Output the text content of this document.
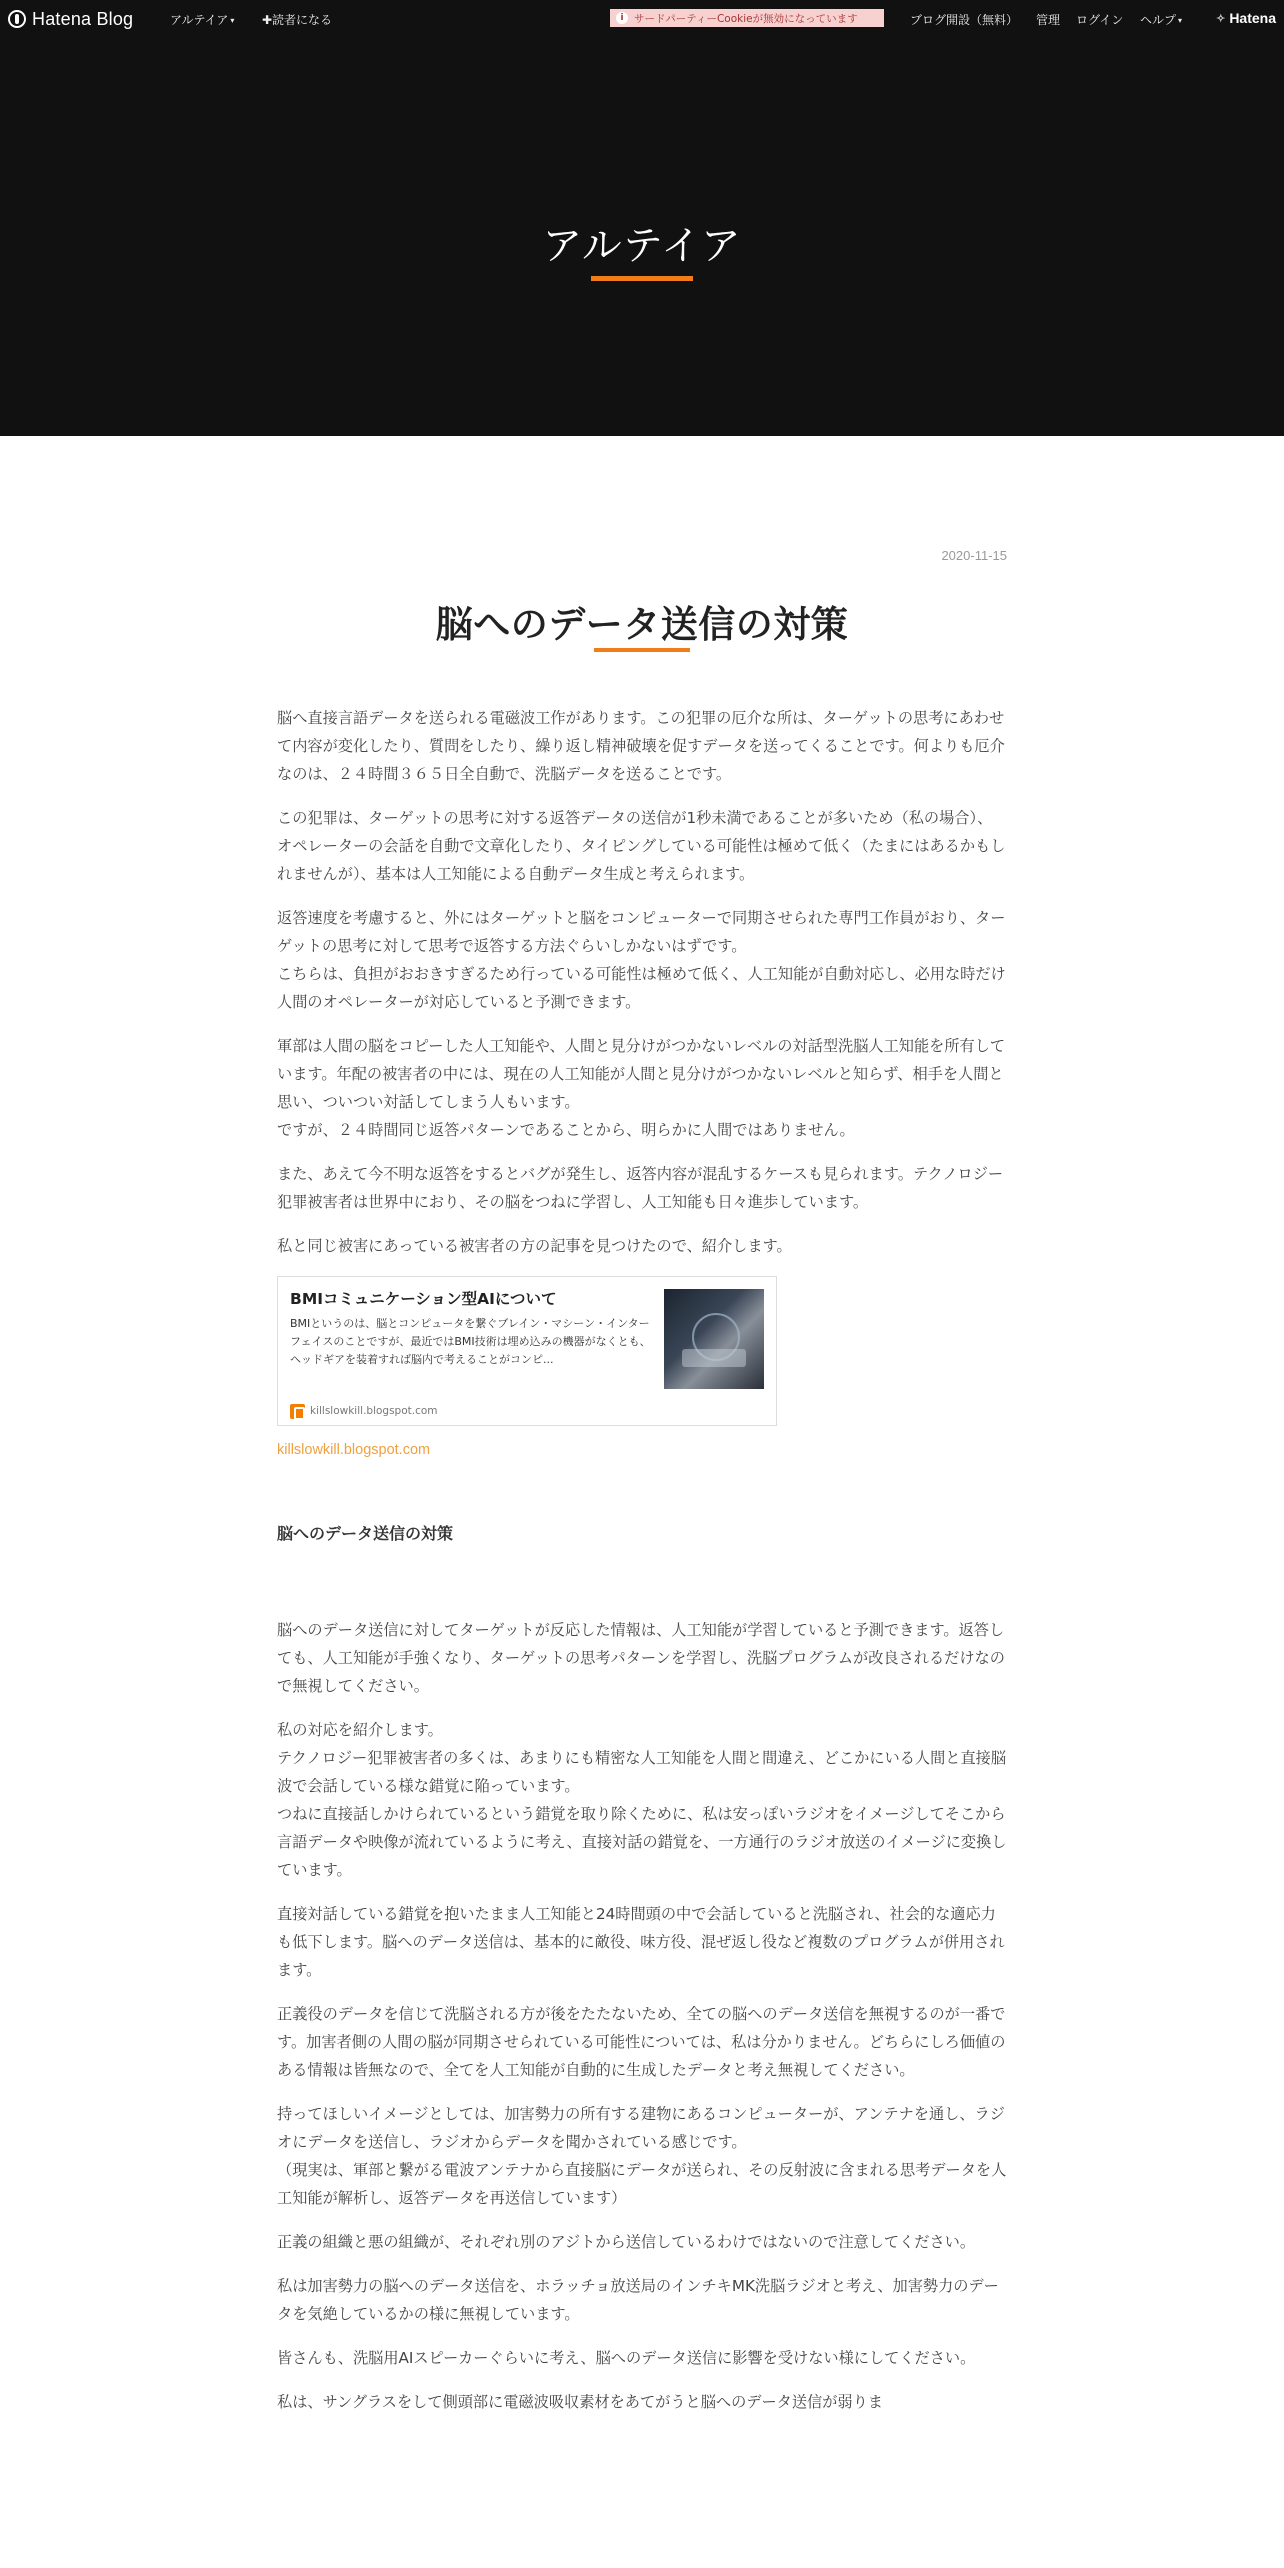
Hatena Blog	アルテイア ▾ ✚読者になる	i サードパーティーCookieが無効になっています	ブログ開設（無料） 管理 ログイン ヘルプ ▾	✧ Hatena
アルテイア
2020-11-15
脳へのデータ送信の対策

脳へ直接言語データを送られる電磁波工作があります。この犯罪の厄介な所は、ターゲットの思考にあわせて内容が変化したり、質問をしたり、繰り返し精神破壊を促すデータを送ってくることです。何よりも厄介なのは、２４時間３６５日全自動で、洗脳データを送ることです。

この犯罪は、ターゲットの思考に対する返答データの送信が1秒未満であることが多いため（私の場合）、オペレーターの会話を自動で文章化したり、タイピングしている可能性は極めて低く（たまにはあるかもしれませんが）、基本は人工知能による自動データ生成と考えられます。

返答速度を考慮すると、外にはターゲットと脳をコンピューターで同期させられた専門工作員がおり、ターゲットの思考に対して思考で返答する方法ぐらいしかないはずです。
こちらは、負担がおおきすぎるため行っている可能性は極めて低く、人工知能が自動対応し、必用な時だけ人間のオペレーターが対応していると予測できます。

軍部は人間の脳をコピーした人工知能や、人間と見分けがつかないレベルの対話型洗脳人工知能を所有しています。年配の被害者の中には、現在の人工知能が人間と見分けがつかないレベルと知らず、相手を人間と思い、ついつい対話してしまう人もいます。
ですが、２４時間同じ返答パターンであることから、明らかに人間ではありません。

また、あえて今不明な返答をするとバグが発生し、返答内容が混乱するケースも見られます。テクノロジー犯罪被害者は世界中におり、その脳をつねに学習し、人工知能も日々進歩しています。

私と同じ被害にあっている被害者の方の記事を見つけたので、紹介します。

BMIコミュニケーション型AIについて
BMIというのは、脳とコンピュータを繋ぐブレイン・マシーン・インターフェイスのことですが、最近ではBMI技術は埋め込みの機器がなくとも、ヘッドギアを装着すれば脳内で考えることがコンピ...
killslowkill.blogspot.com
killslowkill.blogspot.com
脳へのデータ送信の対策

脳へのデータ送信に対してターゲットが反応した情報は、人工知能が学習していると予測できます。返答しても、人工知能が手強くなり、ターゲットの思考パターンを学習し、洗脳プログラムが改良されるだけなので無視してください。

私の対応を紹介します。
テクノロジー犯罪被害者の多くは、あまりにも精密な人工知能を人間と間違え、どこかにいる人間と直接脳波で会話している様な錯覚に陥っています。
つねに直接話しかけられているという錯覚を取り除くために、私は安っぽいラジオをイメージしてそこから言語データや映像が流れているように考え、直接対話の錯覚を、一方通行のラジオ放送のイメージに変換しています。

直接対話している錯覚を抱いたまま人工知能と24時間頭の中で会話していると洗脳され、社会的な適応力も低下します。脳へのデータ送信は、基本的に敵役、味方役、混ぜ返し役など複数のプログラムが併用されます。

正義役のデータを信じて洗脳される方が後をたたないため、全ての脳へのデータ送信を無視するのが一番です。加害者側の人間の脳が同期させられている可能性については、私は分かりません。どちらにしろ価値のある情報は皆無なので、全てを人工知能が自動的に生成したデータと考え無視してください。

持ってほしいイメージとしては、加害勢力の所有する建物にあるコンピューターが、アンテナを通し、ラジオにデータを送信し、ラジオからデータを聞かされている感じです。
（現実は、軍部と繋がる電波アンテナから直接脳にデータが送られ、その反射波に含まれる思考データを人工知能が解析し、返答データを再送信しています）

正義の組織と悪の組織が、それぞれ別のアジトから送信しているわけではないので注意してください。

私は加害勢力の脳へのデータ送信を、ホラッチョ放送局のインチキMK洗脳ラジオと考え、加害勢力のデータを気絶しているかの様に無視しています。

皆さんも、洗脳用AIスピーカーぐらいに考え、脳へのデータ送信に影響を受けない様にしてください。

私は、サングラスをして側頭部に電磁波吸収素材をあてがうと脳へのデータ送信が弱りま
